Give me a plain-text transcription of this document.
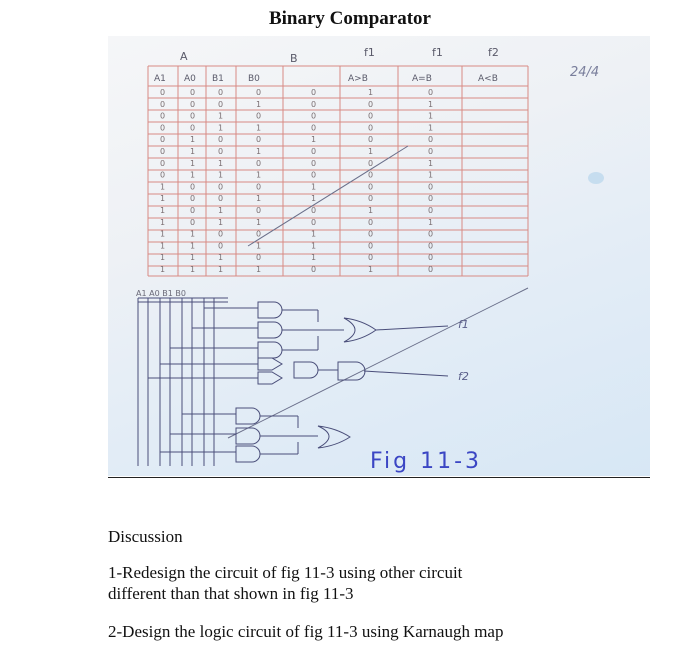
Binary Comparator
A	B	f1	f1	f2
A1 A0 B1	B0	A>B	A=B	A<B	24/4
0	0	0	0	0	1	0
0	0	0	1	0	0	1
0	0	1	0	0	0	1
0	0	1	1	0	0	1
0	1	0	0	1	0	0
0	1	0	1	0	1	0
0	1	1	0	0	0	1
0	1	1	1	0	0	1
1	0	0	0	1	0	0
1	0	0	1	1	0	0
1	0	1	0	0	1	0
1	0	1	1	0	0	1
1	1	0	0	1	0	0
1	1	0	1	1	0	0
1	1	1	0	1	0	0
1	1	1	1	0	1	0
A1 A0 B1 B0
f1
f2
Fig 11-3
Discussion
1-Redesign the circuit of fig 11-3 using other circuit
different than that shown in fig 11-3
2-Design the logic circuit of fig 11-3 using Karnaugh map
